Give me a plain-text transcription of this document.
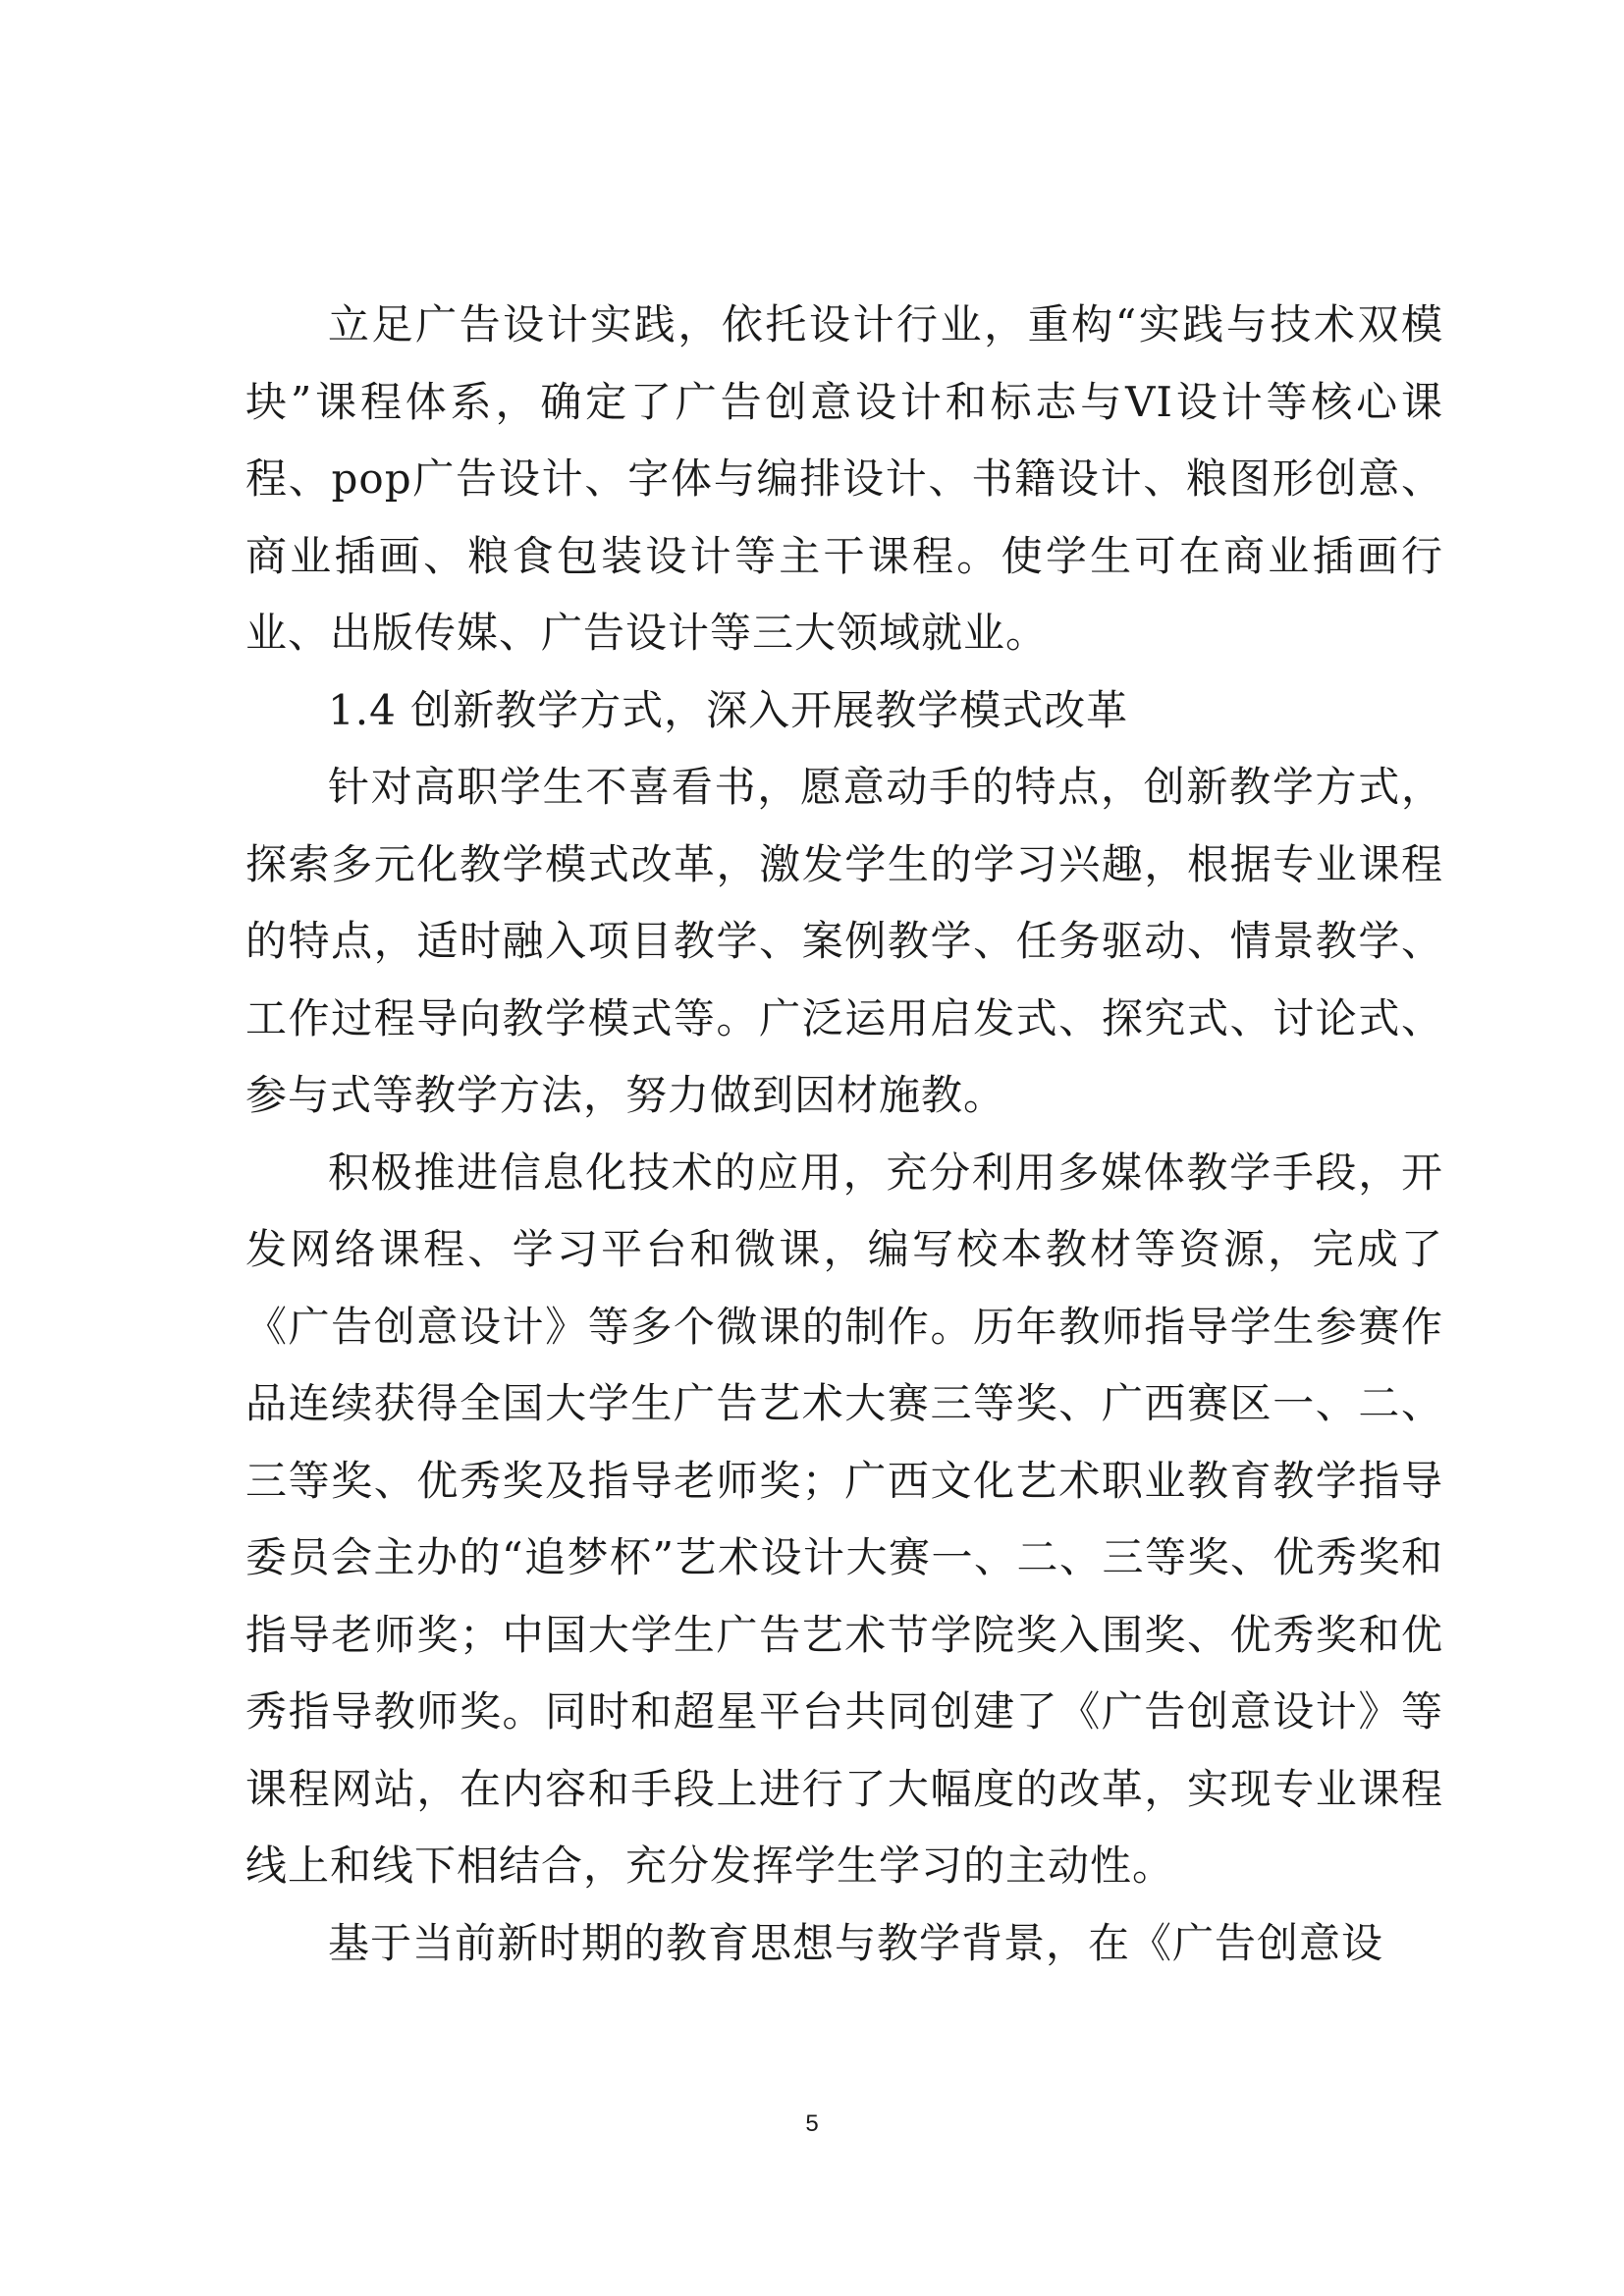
立足广告设计实践，依托设计行业，重构“实践与技术双模块”课程体系，确定了广告创意设计和标志与VI设计等核心课程、pop广告设计、字体与编排设计、书籍设计、粮图形创意、商业插画、粮食包装设计等主干课程。使学生可在商业插画行业、出版传媒、广告设计等三大领域就业。

1.4 创新教学方式，深入开展教学模式改革

针对高职学生不喜看书，愿意动手的特点，创新教学方式，探索多元化教学模式改革，激发学生的学习兴趣，根据专业课程的特点，适时融入项目教学、案例教学、任务驱动、情景教学、工作过程导向教学模式等。广泛运用启发式、探究式、讨论式、参与式等教学方法，努力做到因材施教。

积极推进信息化技术的应用，充分利用多媒体教学手段，开发网络课程、学习平台和微课，编写校本教材等资源，完成了《广告创意设计》等多个微课的制作。历年教师指导学生参赛作品连续获得全国大学生广告艺术大赛三等奖、广西赛区一、二、三等奖、优秀奖及指导老师奖；广西文化艺术职业教育教学指导委员会主办的“追梦杯”艺术设计大赛一、二、三等奖、优秀奖和指导老师奖；中国大学生广告艺术节学院奖入围奖、优秀奖和优秀指导教师奖。同时和超星平台共同创建了《广告创意设计》等课程网站，在内容和手段上进行了大幅度的改革，实现专业课程线上和线下相结合，充分发挥学生学习的主动性。

基于当前新时期的教育思想与教学背景，在《广告创意设

5
